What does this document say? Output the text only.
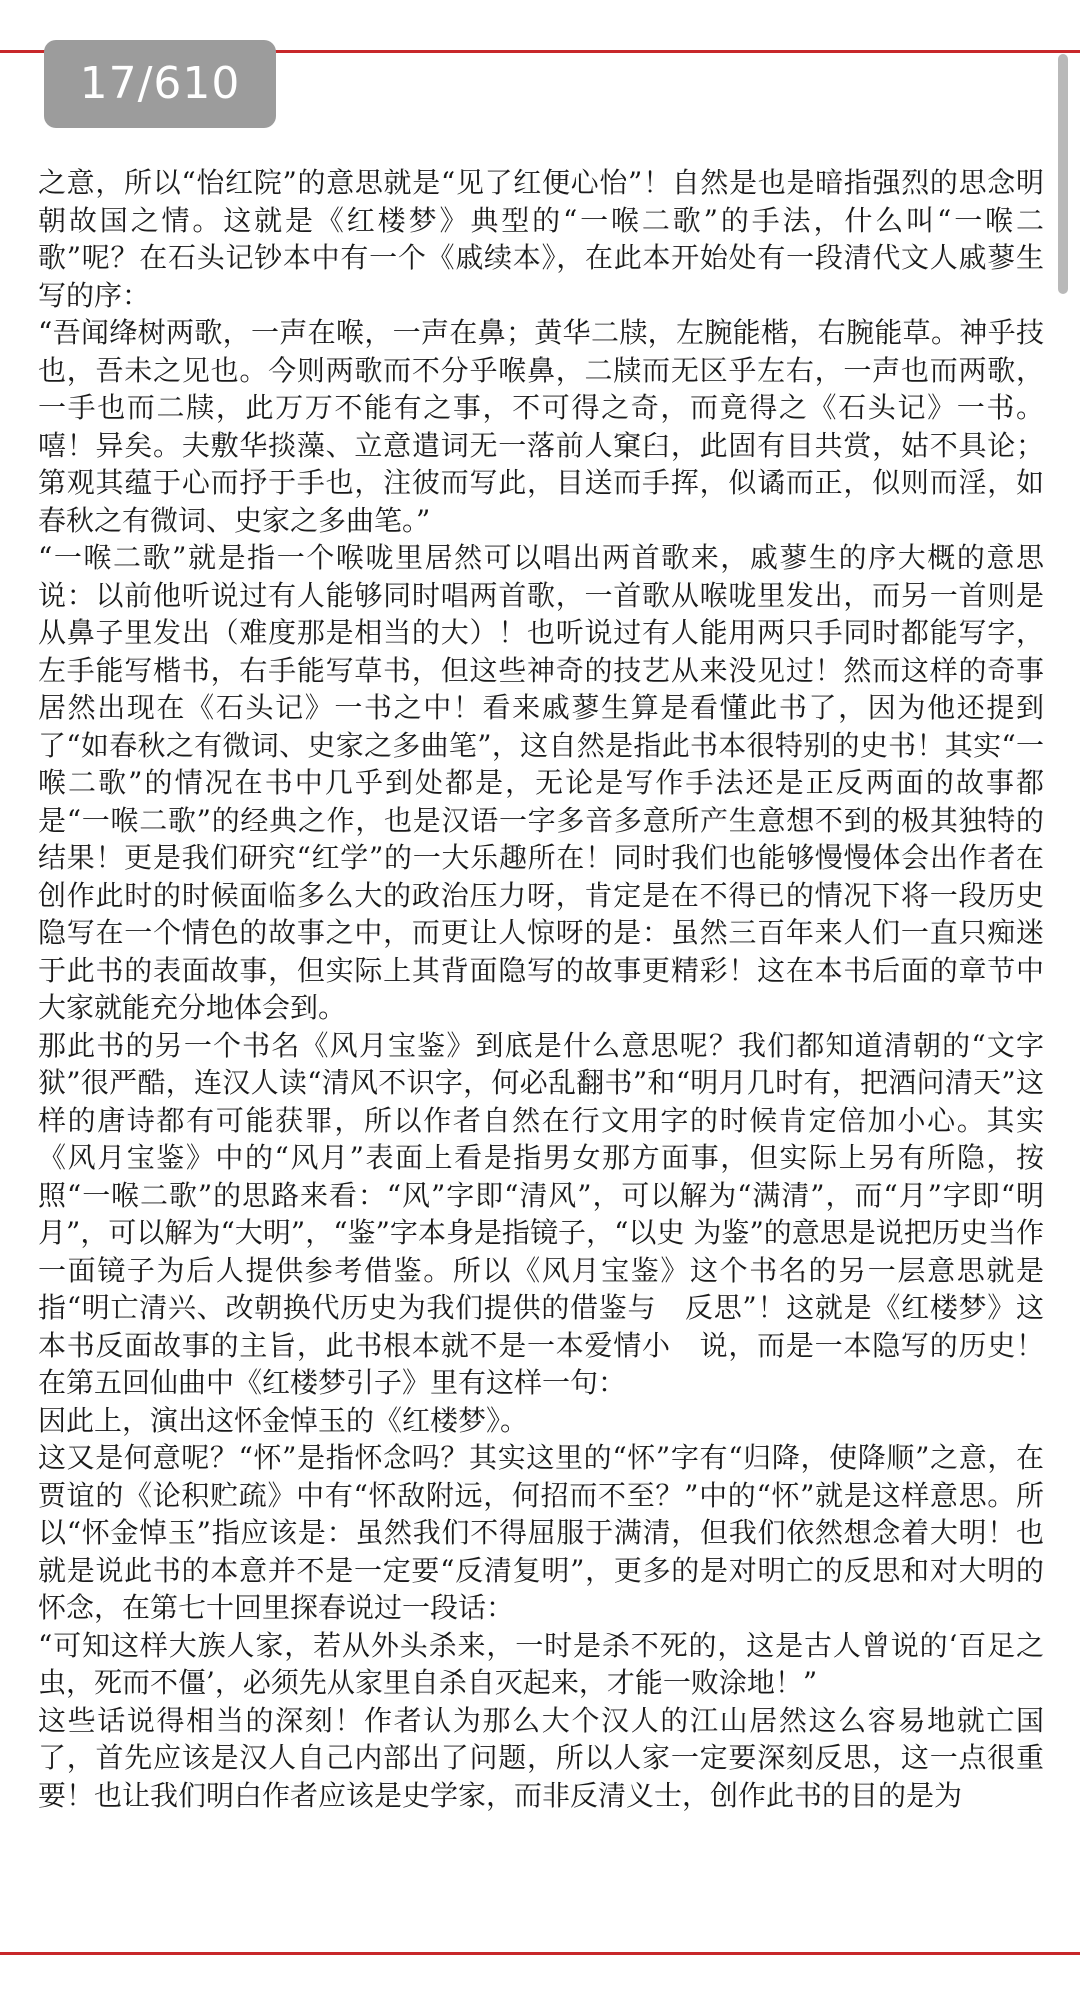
17/610

之意，所以“怡红院”的意思就是“见了红便心怡”！自然是也是暗指强烈的思念明朝故国之情。这就是《红楼梦》典型的“一喉二歌”的手法，什么叫“一喉二歌”呢？在石头记钞本中有一个《戚续本》，在此本开始处有一段清代文人戚蓼生写的序：

“吾闻绛树两歌，一声在喉，一声在鼻；黄华二牍，左腕能楷，右腕能草。神乎技也，吾未之见也。今则两歌而不分乎喉鼻，二牍而无区乎左右，一声也而两歌，一手也而二牍，此万万不能有之事，不可得之奇，而竟得之《石头记》一书。嘻！异矣。夫敷华掞藻、立意遣词无一落前人窠臼，此固有目共赏，姑不具论；第观其蕴于心而抒于手也，注彼而写此，目送而手挥，似谲而正，似则而淫，如春秋之有微词、史家之多曲笔。”

“一喉二歌”就是指一个喉咙里居然可以唱出两首歌来，戚蓼生的序大概的意思说：以前他听说过有人能够同时唱两首歌，一首歌从喉咙里发出，而另一首则是从鼻子里发出（难度那是相当的大）！也听说过有人能用两只手同时都能写字，左手能写楷书，右手能写草书，但这些神奇的技艺从来没见过！然而这样的奇事居然出现在《石头记》一书之中！看来戚蓼生算是看懂此书了，因为他还提到了“如春秋之有微词、史家之多曲笔”，这自然是指此书本很特别的史书！其实“一喉二歌”的情况在书中几乎到处都是，无论是写作手法还是正反两面的故事都是“一喉二歌”的经典之作，也是汉语一字多音多意所产生意想不到的极其独特的结果！更是我们研究“红学”的一大乐趣所在！同时我们也能够慢慢体会出作者在创作此时的时候面临多么大的政治压力呀，肯定是在不得已的情况下将一段历史隐写在一个情色的故事之中，而更让人惊呀的是：虽然三百年来人们一直只痴迷于此书的表面故事，但实际上其背面隐写的故事更精彩！这在本书后面的章节中大家就能充分地体会到。

那此书的另一个书名《风月宝鉴》到底是什么意思呢？我们都知道清朝的“文字狱”很严酷，连汉人读“清风不识字，何必乱翻书”和“明月几时有，把酒问清天”这样的唐诗都有可能获罪，所以作者自然在行文用字的时候肯定倍加小心。其实《风月宝鉴》中的“风月”表面上看是指男女那方面事，但实际上另有所隐，按照“一喉二歌”的思路来看：“风”字即“清风”，可以解为“满清”，而“月”字即“明月”，可以解为“大明”，“鉴”字本身是指镜子，“以史 为鉴”的意思是说把历史当作一面镜子为后人提供参考借鉴。所以《风月宝鉴》这个书名的另一层意思就是指“明亡清兴、改朝换代历史为我们提供的借鉴与　反思”！这就是《红楼梦》这本书反面故事的主旨，此书根本就不是一本爱情小　说，而是一本隐写的历史！在第五回仙曲中《红楼梦引子》里有这样一句：

因此上，演出这怀金悼玉的《红楼梦》。

这又是何意呢？“怀”是指怀念吗？其实这里的“怀”字有“归降，使降顺”之意，在贾谊的《论积贮疏》中有“怀敌附远，何招而不至？”中的“怀”就是这样意思。所以“怀金悼玉”指应该是：虽然我们不得屈服于满清，但我们依然想念着大明！也就是说此书的本意并不是一定要“反清复明”，更多的是对明亡的反思和对大明的怀念，在第七十回里探春说过一段话：

“可知这样大族人家，若从外头杀来，一时是杀不死的，这是古人曾说的‘百足之虫，死而不僵’，必须先从家里自杀自灭起来，才能一败涂地！”

这些话说得相当的深刻！作者认为那么大个汉人的江山居然这么容易地就亡国了，首先应该是汉人自己内部出了问题，所以人家一定要深刻反思，这一点很重要！也让我们明白作者应该是史学家，而非反清义士，创作此书的目的是为
